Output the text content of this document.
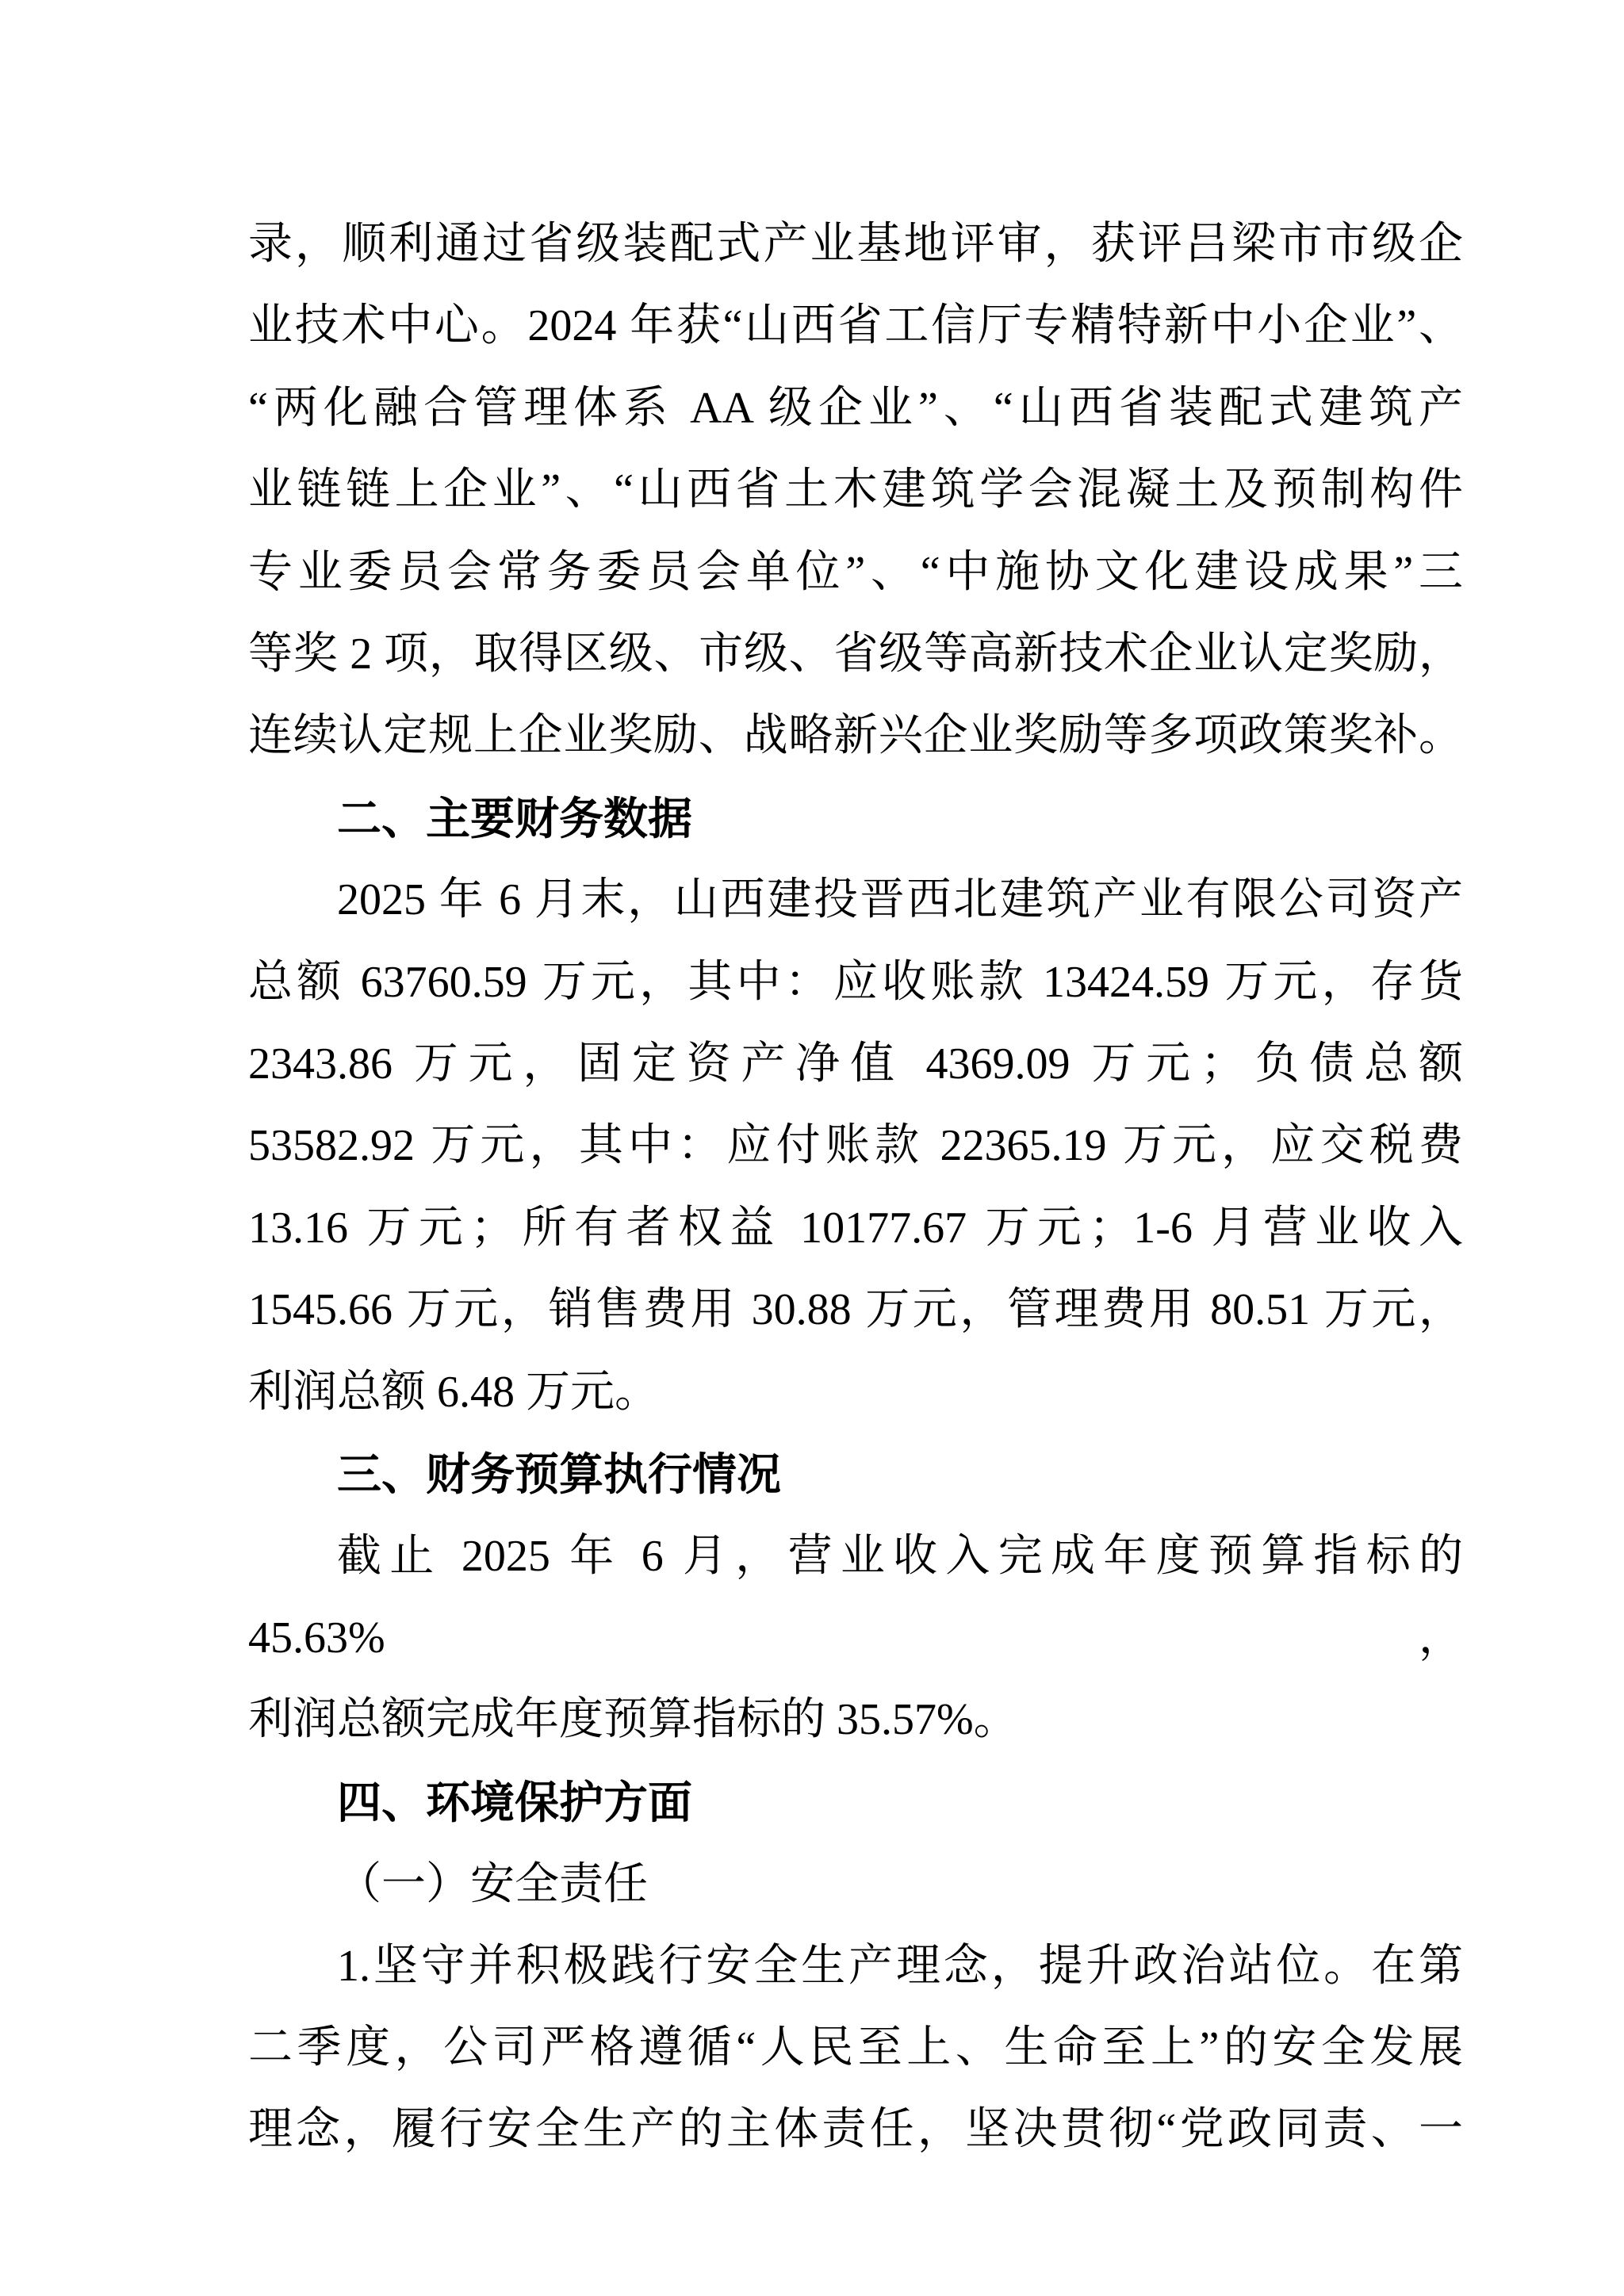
录，顺利通过省级装配式产业基地评审，获评吕梁市市级企
业技术中心。2024 年获“山西省工信厅专精特新中小企业”、
“两化融合管理体系 AA 级企业”、“山西省装配式建筑产
业链链上企业”、“山西省土木建筑学会混凝土及预制构件
专业委员会常务委员会单位”、“中施协文化建设成果”三
等奖 2 项，取得区级、市级、省级等高新技术企业认定奖励，
连续认定规上企业奖励、战略新兴企业奖励等多项政策奖补。
二、主要财务数据
2025 年 6 月末，山西建投晋西北建筑产业有限公司资产
总额 63760.59 万元，其中：应收账款 13424.59 万元，存货
2343.86 万元，固定资产净值 4369.09 万元；负债总额
53582.92 万元，其中：应付账款 22365.19 万元，应交税费
13.16 万元；所有者权益 10177.67 万元；1-6 月营业收入
1545.66 万元，销售费用 30.88 万元，管理费用 80.51 万元，
利润总额 6.48 万元。
三、财务预算执行情况
截止 2025 年 6 月，营业收入完成年度预算指标的 45.63%，
利润总额完成年度预算指标的 35.57%。
四、环境保护方面
（一）安全责任
1.坚守并积极践行安全生产理念，提升政治站位。在第
二季度，公司严格遵循“人民至上、生命至上”的安全发展
理念，履行安全生产的主体责任，坚决贯彻“党政同责、一
